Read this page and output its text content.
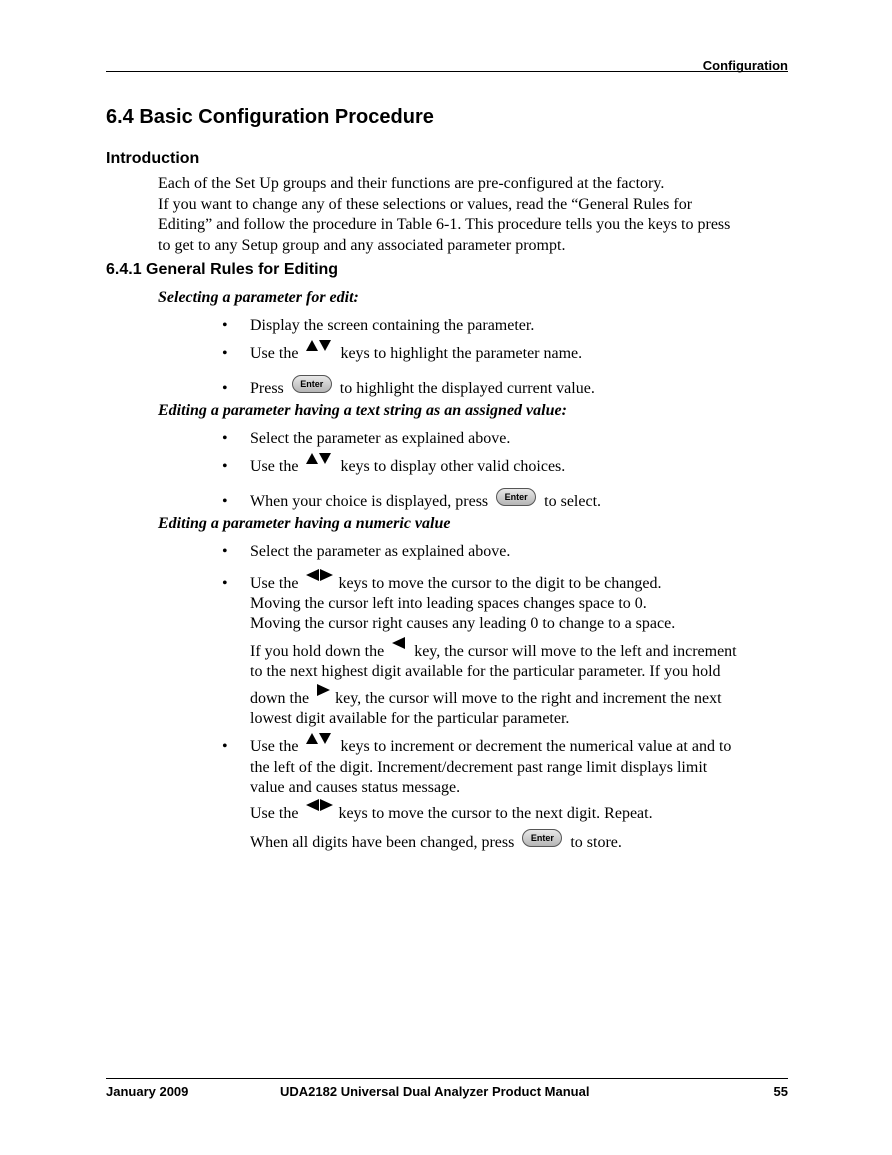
Configuration
6.4 Basic Configuration Procedure
Introduction

Each of the Set Up groups and their functions are pre-configured at the factory.

If you want to change any of these selections or values, read the “General Rules for

Editing” and follow the procedure in Table 6-1. This procedure tells you the keys to press

to get to any Setup group and any associated parameter prompt.

6.4.1 General Rules for Editing
Selecting a parameter for edit:
• Display the screen containing the parameter.
• Use the	keys to highlight the parameter name.
• Press Enter to highlight the displayed current value.
Editing a parameter having a text string as an assigned value:
• Select the parameter as explained above.
• Use the	keys to display other valid choices.
• When your choice is displayed, press Enter to select.
Editing a parameter having a numeric value
• Select the parameter as explained above.
• Use the	keys to move the cursor to the digit to be changed.
Moving the cursor left into leading spaces changes space to 0.
Moving the cursor right causes any leading 0 to change to a space.
If you hold down the key, the cursor will move to the left and increment
to the next highest digit available for the particular parameter. If you hold
down the key, the cursor will move to the right and increment the next
lowest digit available for the particular parameter.
• Use the	keys to increment or decrement the numerical value at and to
the left of the digit. Increment/decrement past range limit displays limit
value and causes status message.
Use the	keys to move the cursor to the next digit. Repeat.
When all digits have been changed, press Enter to store.
January 2009	UDA2182 Universal Dual Analyzer Product Manual	55
